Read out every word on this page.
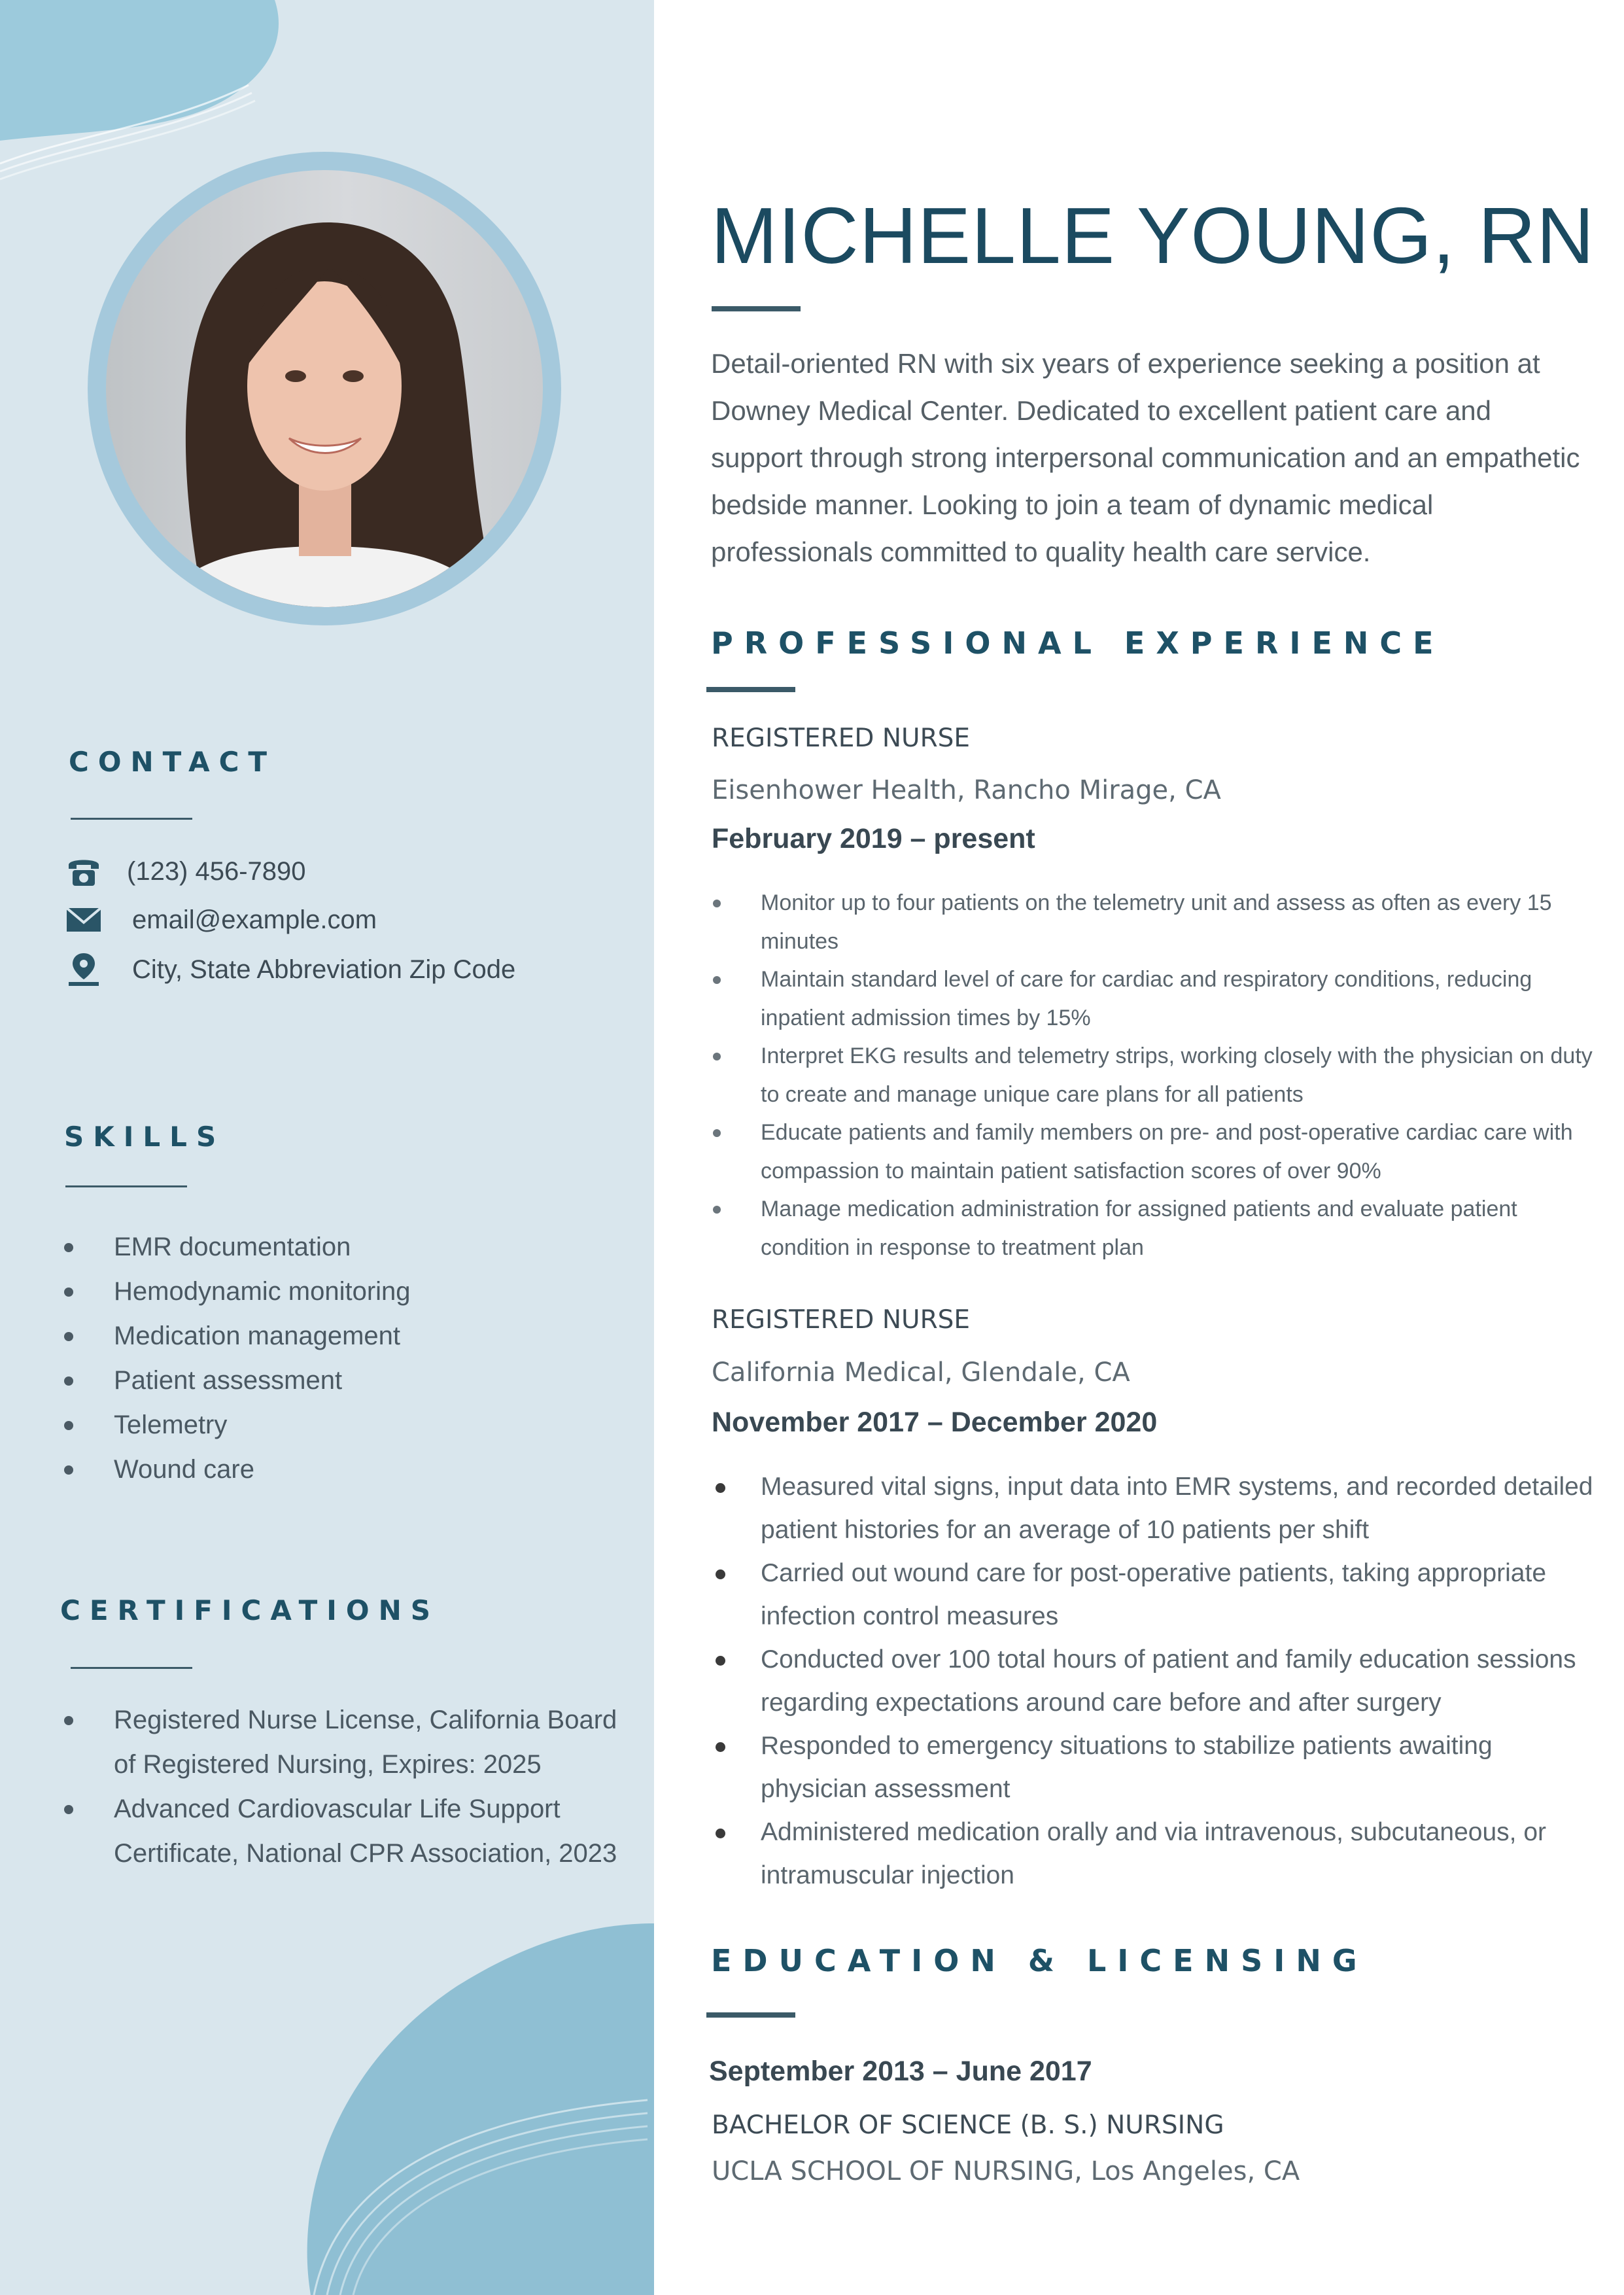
CONTACT
(123) 456-7890
email@example.com
City, State Abbreviation Zip Code
SKILLS
EMR documentation
Hemodynamic monitoring
Medication management
Patient assessment
Telemetry
Wound care
CERTIFICATIONS
Registered Nurse License, California Board of Registered Nursing, Expires: 2025
Advanced Cardiovascular Life Support Certificate, National CPR Association, 2023
MICHELLE YOUNG, RN

Detail-oriented RN with six years of experience seeking a position at Downey Medical Center. Dedicated to excellent patient care and support through strong interpersonal communication and an empathetic bedside manner. Looking to join a team of dynamic medical professionals committed to quality health care service.

PROFESSIONAL EXPERIENCE
REGISTERED NURSE
Eisenhower Health, Rancho Mirage, CA
February 2019 – present
Monitor up to four patients on the telemetry unit and assess as often as every 15 minutes
Maintain standard level of care for cardiac and respiratory conditions, reducing inpatient admission times by 15%
Interpret EKG results and telemetry strips, working closely with the physician on duty to create and manage unique care plans for all patients
Educate patients and family members on pre- and post-operative cardiac care with compassion to maintain patient satisfaction scores of over 90%
Manage medication administration for assigned patients and evaluate patient condition in response to treatment plan
REGISTERED NURSE
California Medical, Glendale, CA
November 2017 – December 2020
Measured vital signs, input data into EMR systems, and recorded detailed patient histories for an average of 10 patients per shift
Carried out wound care for post-operative patients, taking appropriate infection control measures
Conducted over 100 total hours of patient and family education sessions regarding expectations around care before and after surgery
Responded to emergency situations to stabilize patients awaiting physician assessment
Administered medication orally and via intravenous, subcutaneous, or intramuscular injection
EDUCATION & LICENSING
September 2013 – June 2017
BACHELOR OF SCIENCE (B. S.) NURSING
UCLA SCHOOL OF NURSING, Los Angeles, CA
